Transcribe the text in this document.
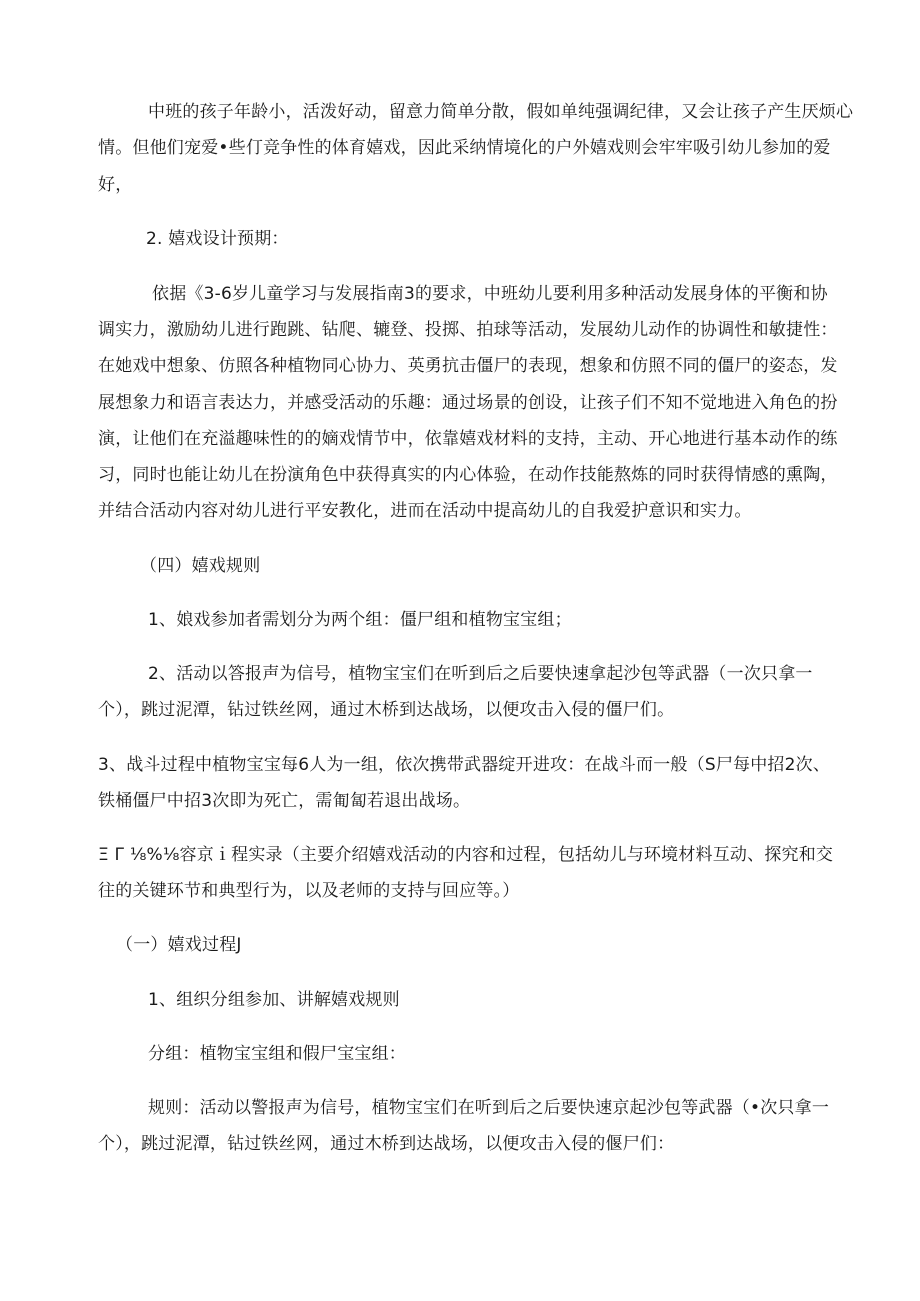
中班的孩子年龄小，活泼好动，留意力简单分散，假如单纯强调纪律，又会让孩子产生厌烦心
情。但他们宠爱•些仃竞争性的体育嬉戏，因此采纳情境化的户外嬉戏则会牢牢吸引幼儿参加的爱
好，
2. 嬉戏设计预期：
依据《3-6岁儿童学习与发展指南3的要求，中班幼儿要利用多种活动发展身体的平衡和协
调实力，激励幼儿进行跑跳、钻爬、辘登、投掷、拍球等活动，发展幼儿动作的协调性和敏捷性：
在她戏中想象、仿照各种植物同心协力、英勇抗击僵尸的表现，想象和仿照不同的僵尸的姿态，发
展想象力和语言表达力，并感受活动的乐趣：通过场景的创设，让孩子们不知不觉地进入角色的扮
演，让他们在充溢趣味性的的嫡戏情节中，依靠嬉戏材料的支持，主动、开心地进行基本动作的练
习，同时也能让幼儿在扮演角色中获得真实的内心体验，在动作技能熬炼的同时获得情感的熏陶，
并结合活动内容对幼儿进行平安教化，进而在活动中提高幼儿的自我爱护意识和实力。
（四）嬉戏规则
1、娘戏参加者需划分为两个组：僵尸组和植物宝宝组；
2、活动以答报声为信号，植物宝宝们在听到后之后要快速拿起沙包等武器（一次只拿一
个），跳过泥潭，钻过铁丝网，通过木桥到达战场，以便攻击入侵的僵尸们。
3、战斗过程中植物宝宝每6人为一组，依次携带武器绽开进攻：在战斗而一般（S尸每中招2次、
铁桶僵尸中招3次即为死亡，需匍匐若退出战场。
Ξ Γ ⅛%⅛容京ｉ程实录（主要介绍嬉戏活动的内容和过程，包括幼儿与环境材料互动、探究和交
往的关键环节和典型行为，以及老师的支持与回应等。）
（一）嬉戏过程J
1、组织分组参加、讲解嬉戏规则
分组：植物宝宝组和假尸宝宝组：
规则：活动以警报声为信号，植物宝宝们在听到后之后要快速京起沙包等武器（•次只拿一
个），跳过泥潭，钻过铁丝网，通过木桥到达战场，以便攻击入侵的偃尸们：
